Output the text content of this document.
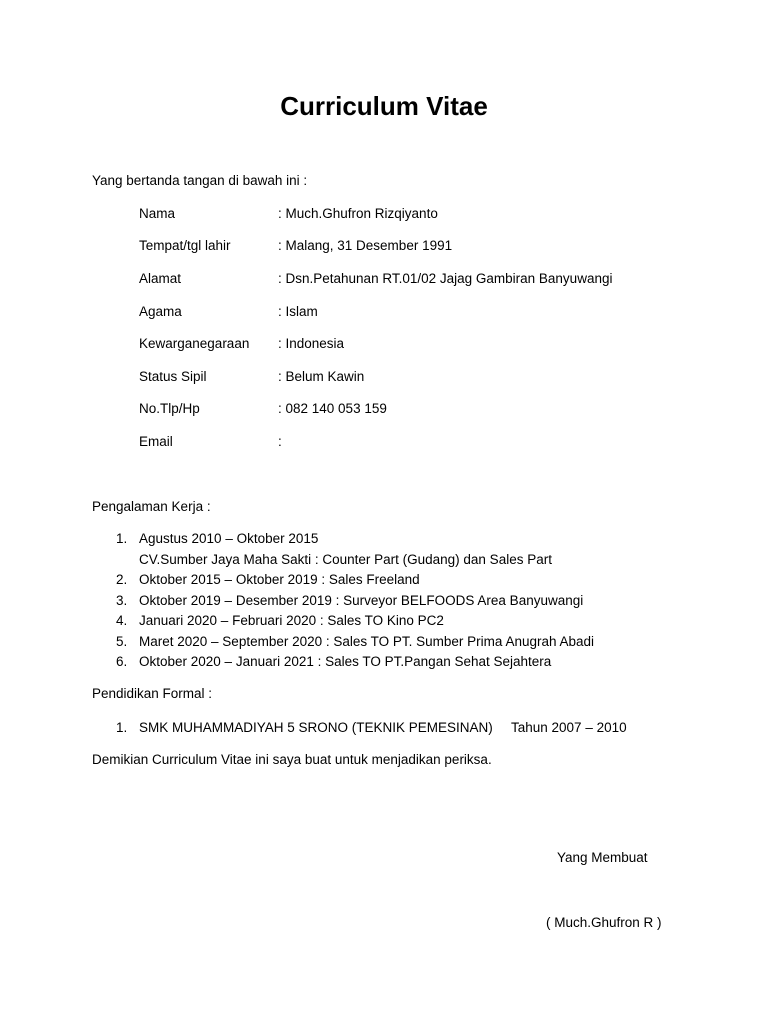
Curriculum Vitae
Yang bertanda tangan di bawah ini :
Nama	: Much.Ghufron Rizqiyanto
Tempat/tgl lahir	: Malang, 31 Desember 1991
Alamat	: Dsn.Petahunan RT.01/02 Jajag Gambiran Banyuwangi
Agama	: Islam
Kewarganegaraan : Indonesia
Status Sipil	: Belum Kawin
No.Tlp/Hp	: 082 140 053 159
Email	:
Pengalaman Kerja :
1. Agustus 2010 – Oktober 2015
CV.Sumber Jaya Maha Sakti : Counter Part (Gudang) dan Sales Part
2. Oktober 2015 – Oktober 2019 : Sales Freeland
3. Oktober 2019 – Desember 2019 : Surveyor BELFOODS Area Banyuwangi
4. Januari 2020 – Februari 2020 : Sales TO Kino PC2
5. Maret 2020 – September 2020 : Sales TO PT. Sumber Prima Anugrah Abadi
6. Oktober 2020 – Januari 2021 : Sales TO PT.Pangan Sehat Sejahtera
Pendidikan Formal :
1. SMK MUHAMMADIYAH 5 SRONO (TEKNIK PEMESINAN) Tahun 2007 – 2010
Demikian Curriculum Vitae ini saya buat untuk menjadikan periksa.
Yang Membuat
( Much.Ghufron R )
